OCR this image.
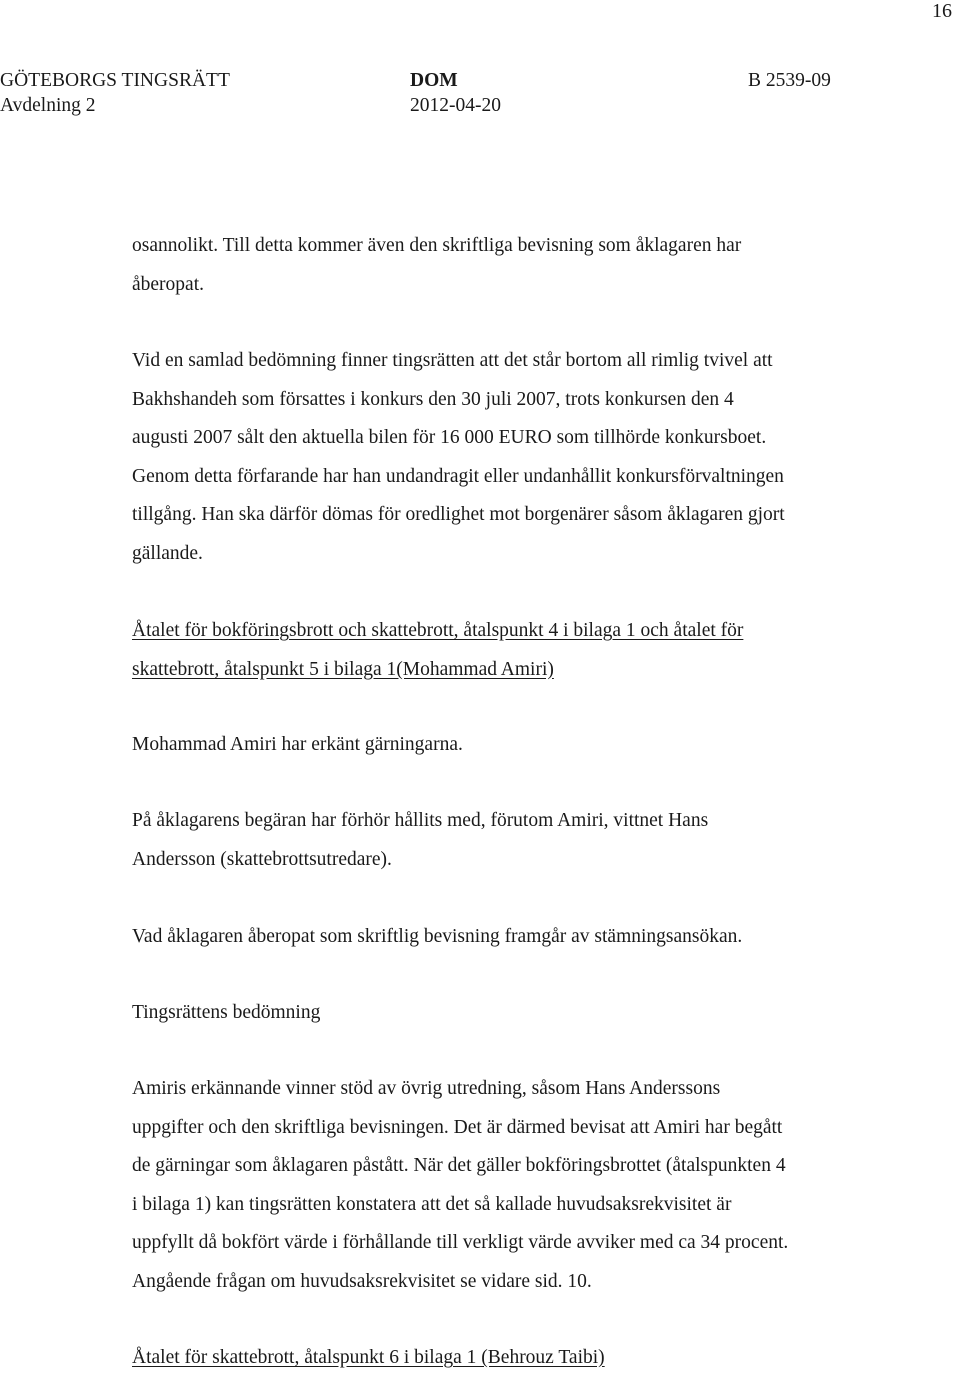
16
GÖTEBORGS TINGSRÄTT
Avdelning 2
DOM
2012-04-20
B 2539-09
osannolikt. Till detta kommer även den skriftliga bevisning som åklagaren har
åberopat.
Vid en samlad bedömning finner tingsrätten att det står bortom all rimlig tvivel att
Bakhshandeh som försattes i konkurs den 30 juli 2007, trots konkursen den 4
augusti 2007 sålt den aktuella bilen för 16 000 EURO som tillhörde konkursboet.
Genom detta förfarande har han undandragit eller undanhållit konkursförvaltningen
tillgång. Han ska därför dömas för oredlighet mot borgenärer såsom åklagaren gjort
gällande.
Åtalet för bokföringsbrott och skattebrott, åtalspunkt 4 i bilaga 1 och åtalet för
skattebrott, åtalspunkt 5 i bilaga 1(Mohammad Amiri)
Mohammad Amiri har erkänt gärningarna.
På åklagarens begäran har förhör hållits med, förutom Amiri, vittnet Hans
Andersson (skattebrottsutredare).
Vad åklagaren åberopat som skriftlig bevisning framgår av stämningsansökan.
Tingsrättens bedömning
Amiris erkännande vinner stöd av övrig utredning, såsom Hans Anderssons
uppgifter och den skriftliga bevisningen. Det är därmed bevisat att Amiri har begått
de gärningar som åklagaren påstått. När det gäller bokföringsbrottet (åtalspunkten 4
i bilaga 1) kan tingsrätten konstatera att det så kallade huvudsaksrekvisitet är
uppfyllt då bokfört värde i förhållande till verkligt värde avviker med ca 34 procent.
Angående frågan om huvudsaksrekvisitet se vidare sid. 10.
Åtalet för skattebrott, åtalspunkt 6 i bilaga 1 (Behrouz Taibi)
